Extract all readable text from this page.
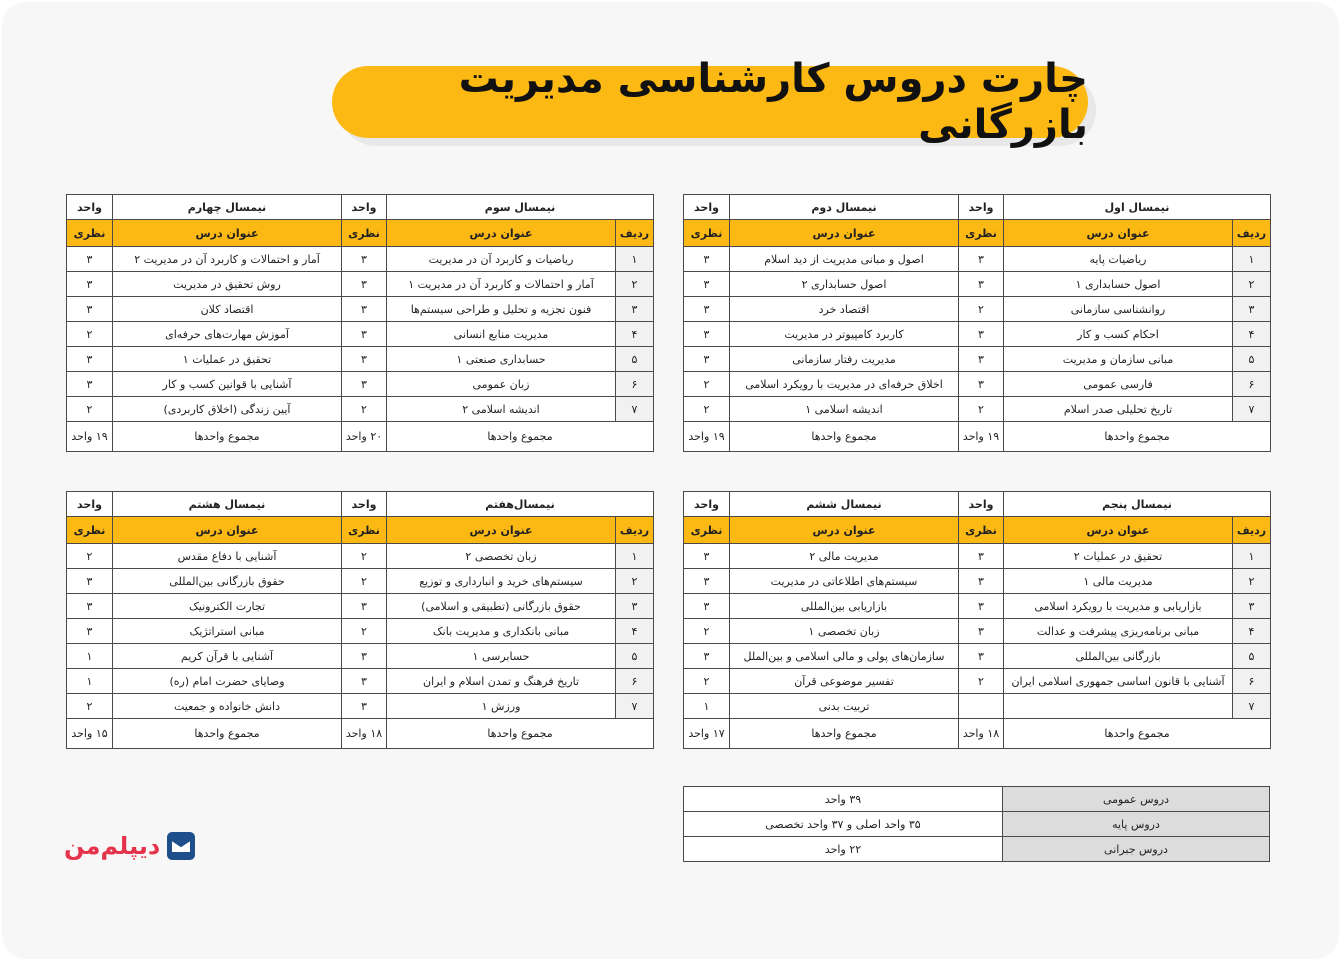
چارت دروس کارشناسی مدیریت بازرگانی
نیمسال اول		واحد	نیمسال دوم	واحد
ردیف	عنوان درس	نظری	عنوان درس	نظری
۱	ریاضیات پایه	۳	اصول و مبانی مدیریت از دید اسلام	۳
۲	اصول حسابداری ۱	۳	اصول حسابداری ۲	۳
۳	روانشناسی سازمانی	۲	اقتصاد خرد	۳
۴	احکام کسب و کار	۳	کاربرد کامپیوتر در مدیریت	۳
۵	مبانی سازمان و مدیریت	۳	مدیریت رفتار سازمانی	۳
۶	فارسی عمومی	۳	اخلاق حرفه‌ای در مدیریت با رویکرد اسلامی	۲
۷	تاریخ تحلیلی صدر اسلام	۲	اندیشه اسلامی ۱	۲
مجموع واحدها		۱۹ واحد	مجموع واحدها	۱۹ واحد
نیمسال سوم		واحد	نیمسال چهارم	واحد
ردیف	عنوان درس	نظری	عنوان درس	نظری
۱	ریاضیات و کاربرد آن در مدیریت	۳	آمار و احتمالات و کاربرد آن در مدیریت ۲	۳
۲	آمار و احتمالات و کاربرد آن در مدیریت ۱	۳	روش تحقیق در مدیریت	۳
۳	فنون تجزیه و تحلیل و طراحی سیستم‌ها	۳	اقتصاد کلان	۳
۴	مدیریت منابع انسانی	۳	آموزش مهارت‌های حرفه‌ای	۲
۵	حسابداری صنعتی ۱	۳	تحقیق در عملیات ۱	۳
۶	زبان عمومی	۳	آشنایی با قوانین کسب و کار	۳
۷	اندیشه اسلامی ۲	۲	آیین زندگی (اخلاق کاربردی)	۲
مجموع واحدها		۲۰ واحد	مجموع واحدها	۱۹ واحد
نیمسال پنجم		واحد	نیمسال ششم	واحد
ردیف	عنوان درس	نظری	عنوان درس	نظری
۱	تحقیق در عملیات ۲	۳	مدیریت مالی ۲	۳
۲	مدیریت مالی ۱	۳	سیستم‌های اطلاعاتی در مدیریت	۳
۳	بازاریابی و مدیریت با رویکرد اسلامی	۳	بازاریابی بین‌المللی	۳
۴	مبانی برنامه‌ریزی پیشرفت و عدالت	۳	زبان تخصصی ۱	۲
۵	بازرگانی بین‌المللی	۳	سازمان‌های پولی و مالی اسلامی و بین‌الملل	۳
۶	آشنایی با قانون اساسی جمهوری اسلامی ایران	۲	تفسیر موضوعی قرآن	۲
۷			تربیت بدنی	۱
مجموع واحدها		۱۸ واحد	مجموع واحدها	۱۷ واحد
نیمسال‌هفتم		واحد	نیمسال هشتم	واحد
ردیف	عنوان درس	نظری	عنوان درس	نظری
۱	زبان تخصصی ۲	۲	آشنایی با دفاع مقدس	۲
۲	سیستم‌های خرید و انبارداری و توزیع	۲	حقوق بازرگانی بین‌المللی	۳
۳	حقوق بازرگانی (تطبیقی و اسلامی)	۳	تجارت الکترونیک	۳
۴	مبانی بانکداری و مدیریت بانک	۲	مبانی استراتژیک	۳
۵	حسابرسی ۱	۳	آشنایی با قرآن کریم	۱
۶	تاریخ فرهنگ و تمدن اسلام و ایران	۳	وصایای حضرت امام (ره)	۱
۷	ورزش ۱	۳	دانش خانواده و جمعیت	۲
مجموع واحدها		۱۸ واحد	مجموع واحدها	۱۵ واحد
دروس عمومی	۳۹ واحد
دروس پایه	۳۵ واحد اصلی و ۳۷ واحد تخصصی
دروس جبرانی	۲۲ واحد
دیپلم‌من
